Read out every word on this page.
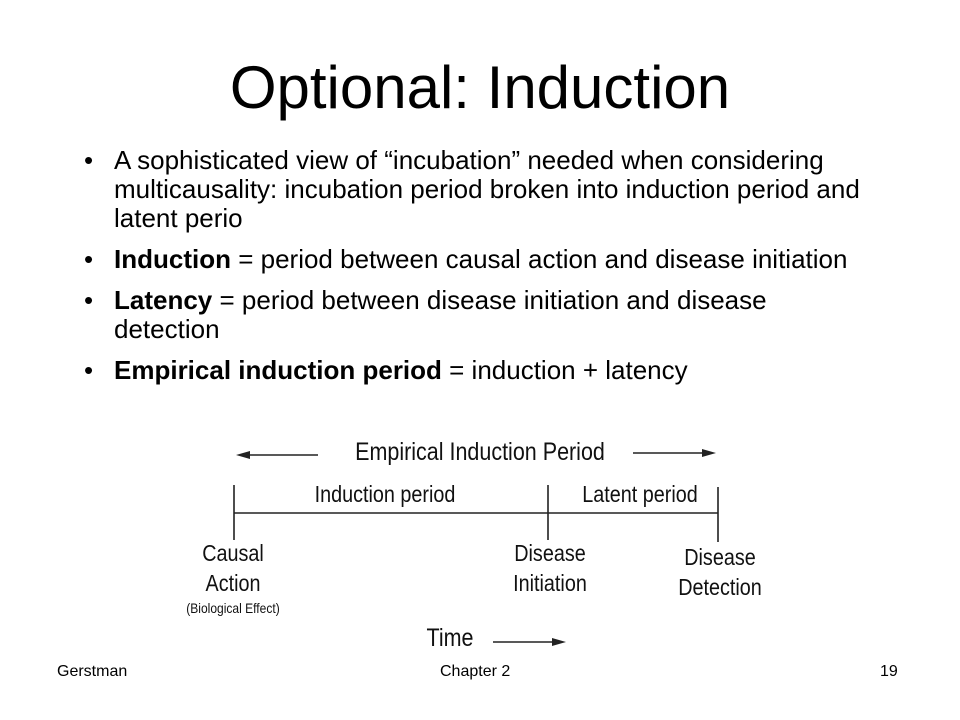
Optional: Induction
• A sophisticated view of “incubation” needed when considering multicausality: incubation period broken into induction period and latent perio
• Induction = period between causal action and disease initiation
• Latency = period between disease initiation and disease detection
• Empirical induction period = induction + latency
Empirical Induction Period
Induction period	Latent period
Causal
Action
(Biological Effect)
Disease
Initiation
Disease
Detection
Time
Gerstman	Chapter 2	19
